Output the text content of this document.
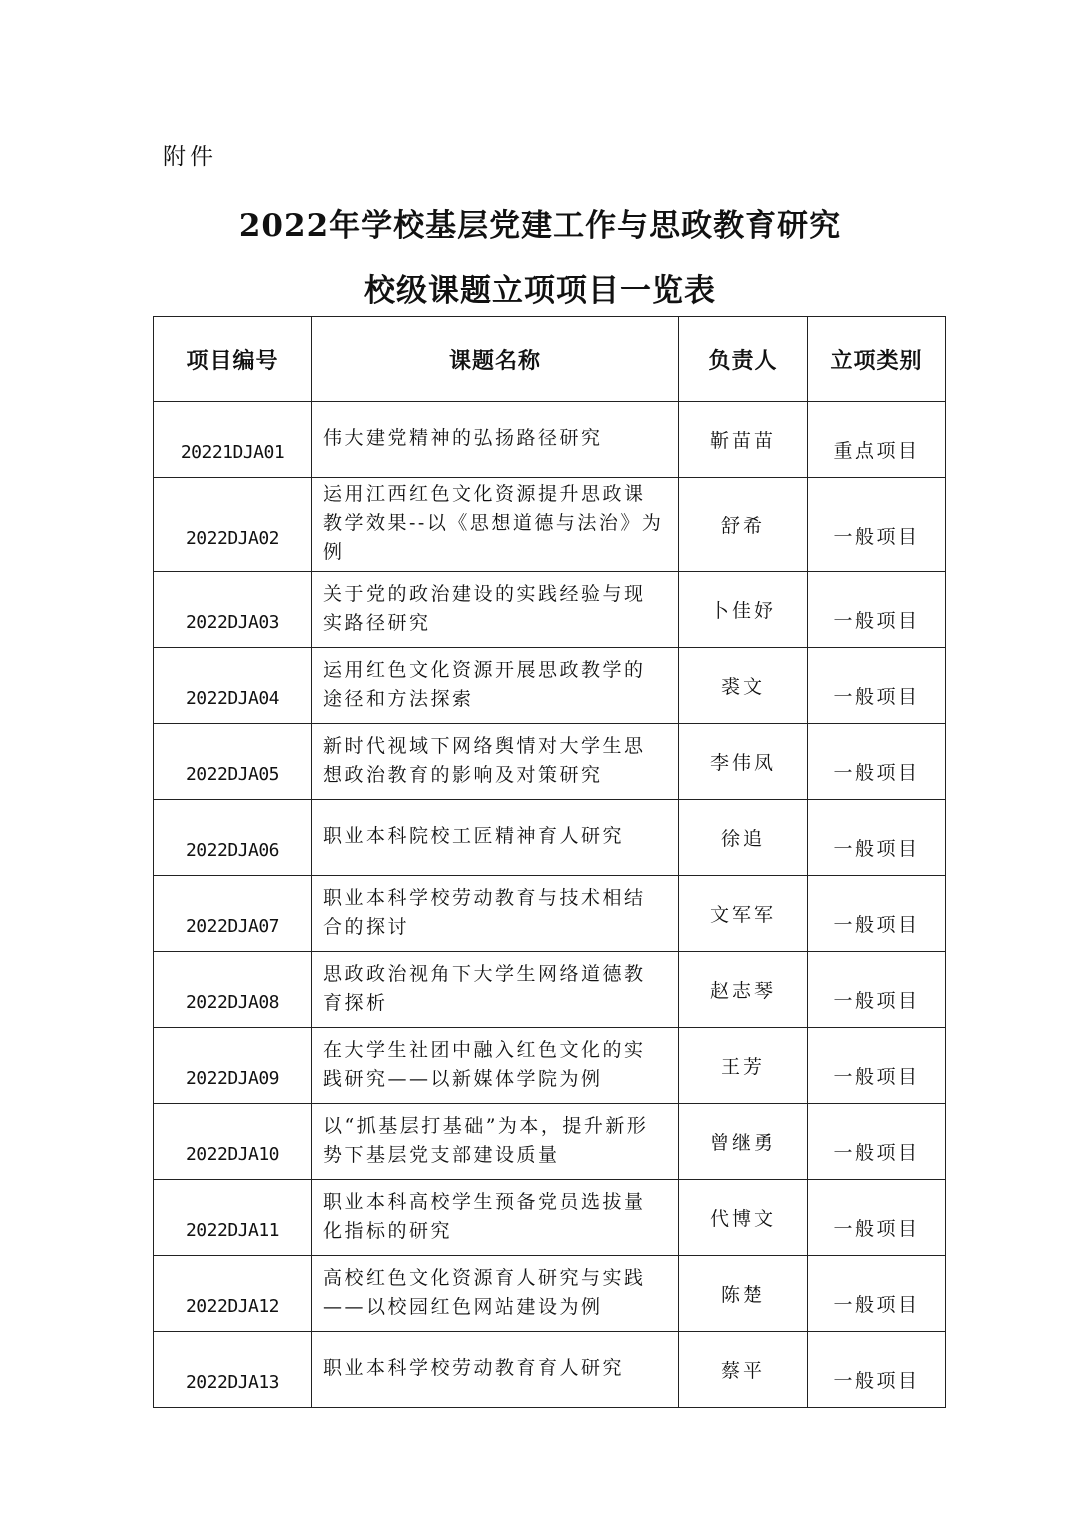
附件
2022年学校基层党建工作与思政教育研究
校级课题立项项目一览表
项目编号	课题名称	负责人	立项类别
20221DJA01	伟大建党精神的弘扬路径研究	靳苗苗	重点项目
2022DJA02	运用江西红色文化资源提升思政课教学效果--以《思想道德与法治》为例	舒希	一般项目
2022DJA03	关于党的政治建设的实践经验与现实路径研究	卜佳妤	一般项目
2022DJA04	运用红色文化资源开展思政教学的途径和方法探索	裘文	一般项目
2022DJA05	新时代视域下网络舆情对大学生思想政治教育的影响及对策研究	李伟凤	一般项目
2022DJA06	职业本科院校工匠精神育人研究	徐追	一般项目
2022DJA07	职业本科学校劳动教育与技术相结合的探讨	文军军	一般项目
2022DJA08	思政政治视角下大学生网络道德教育探析	赵志琴	一般项目
2022DJA09	在大学生社团中融入红色文化的实践研究——以新媒体学院为例	王芳	一般项目
2022DJA10	以“抓基层打基础”为本，提升新形势下基层党支部建设质量	曾继勇	一般项目
2022DJA11	职业本科高校学生预备党员选拔量化指标的研究	代博文	一般项目
2022DJA12	高校红色文化资源育人研究与实践——以校园红色网站建设为例	陈楚	一般项目
2022DJA13	职业本科学校劳动教育育人研究	蔡平	一般项目
